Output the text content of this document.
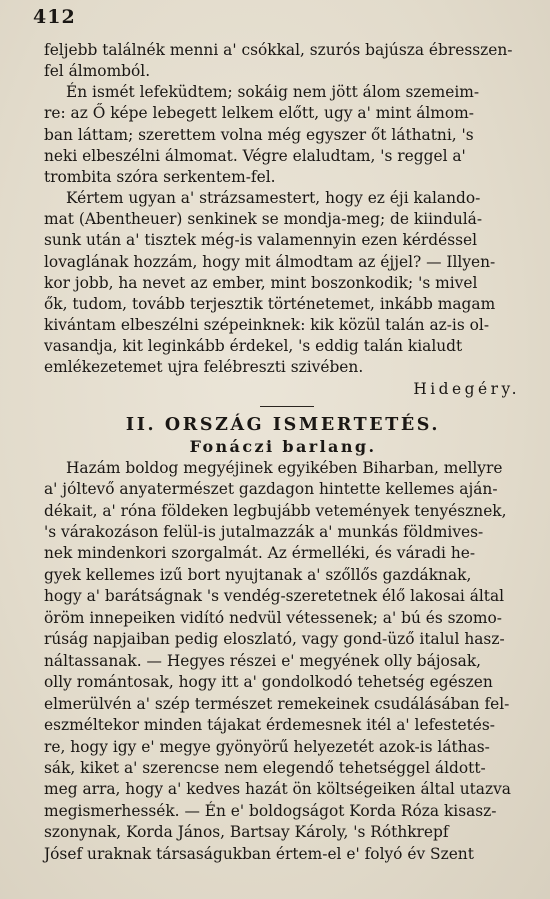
412

feljebb találnék menni a' csókkal, szurós bajúsza ébresszen-
fel álmomból.

Én ismét lefeküdtem; sokáig nem jött álom szemeim-
re: az Ő képe lebegett lelkem előtt, ugy a' mint álmom-
ban láttam; szerettem volna még egyszer őt láthatni, 's
neki elbeszélni álmomat. Végre elaludtam, 's reggel a'
trombita szóra serkentem-fel.

Kértem ugyan a' strázsamestert, hogy ez éji kalando-
mat (Abentheuer) senkinek se mondja-meg; de kiindulá-
sunk után a' tisztek még-is valamennyin ezen kérdéssel
lovaglának hozzám, hogy mit álmodtam az éjjel? — Illyen-
kor jobb, ha nevet az ember, mint boszonkodik; 's mivel
ők, tudom, tovább terjesztik történetemet, inkább magam
kivántam elbeszélni szépeinknek: kik közül talán az-is ol-
vasandja, kit leginkább érdekel, 's eddig talán kialudt
emlékezetemet ujra felébreszti szivében.

Hidegéry.

II. ORSZÁG ISMERTETÉS.
Fonáczi barlang.

Hazám boldog megyéjinek egyikében Biharban, mellyre
a' jóltevő anyatermészet gazdagon hintette kellemes aján-
dékait, a' róna földeken legbujább vetemények tenyésznek,
's várakozáson felül-is jutalmazzák a' munkás földmives-
nek mindenkori szorgalmát. Az érmelléki, és váradi he-
gyek kellemes izű bort nyujtanak a' szőllős gazdáknak,
hogy a' barátságnak 's vendég-szeretetnek élő lakosai által
öröm innepeiken vidító nedvül vétessenek; a' bú és szomo-
rúság napjaiban pedig eloszlató, vagy gond-üző italul hasz-
náltassanak. — Hegyes részei e' megyének olly bájosak,
olly romántosak, hogy itt a' gondolkodó tehetség egészen
elmerülvén a' szép természet remekeinek csudálásában fel-
eszméltekor minden tájakat érdemesnek itél a' lefestetés-
re, hogy igy e' megye gyönyörű helyezetét azok-is láthas-
sák, kiket a' szerencse nem elegendő tehetséggel áldott-
meg arra, hogy a' kedves hazát ön költségeiken által utazva
megismerhessék. — Én e' boldogságot Korda Róza kisasz-
szonynak, Korda János, Bartsay Károly, 's Róthkrepf
Jósef uraknak társaságukban értem-el e' folyó év Szent
